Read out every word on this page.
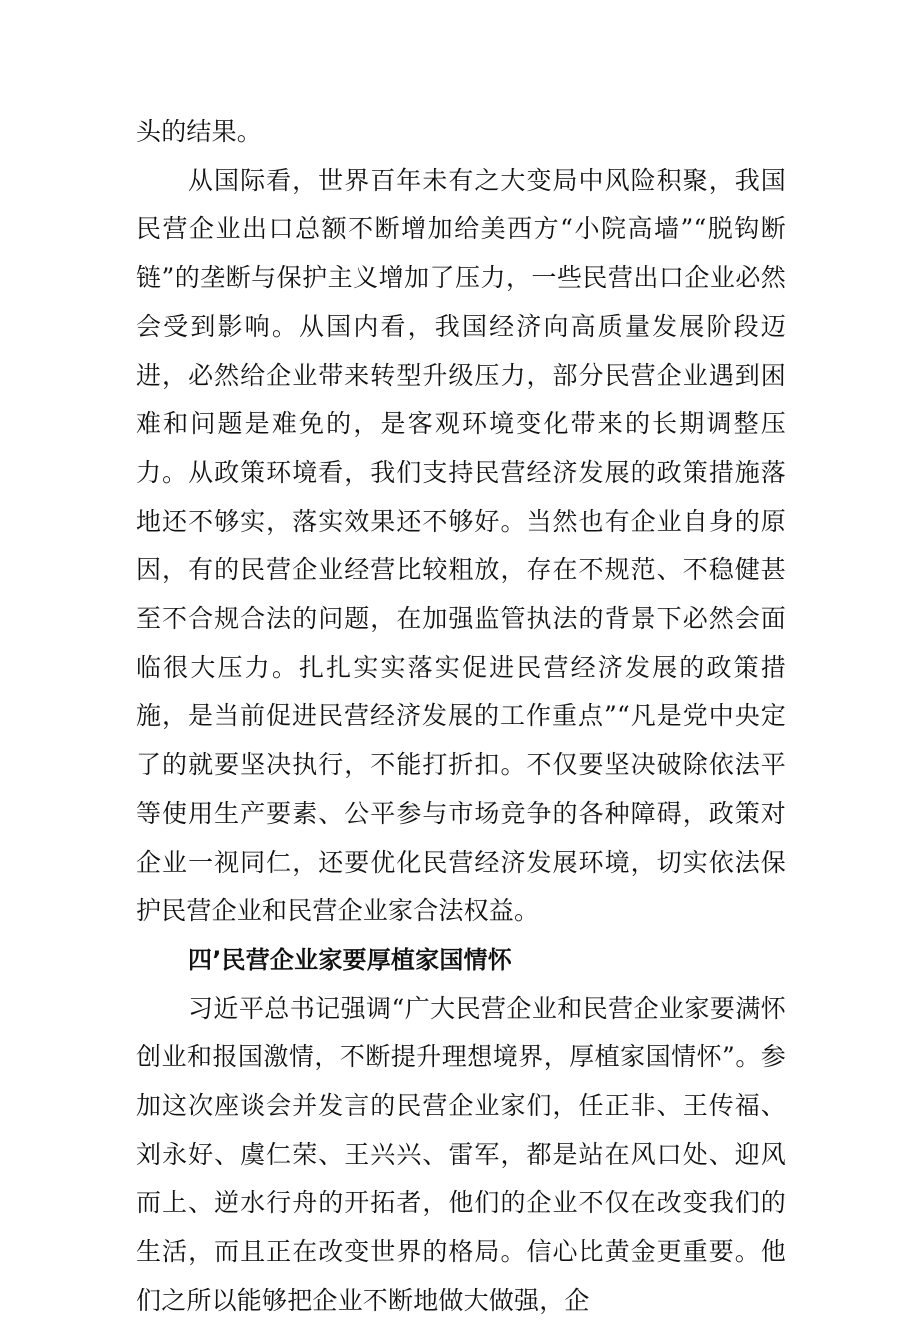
头的结果。

从国际看，世界百年未有之大变局中风险积聚，我国民营企业出口总额不断增加给美西方“小院高墙”“脱钩断链”的垄断与保护主义增加了压力，一些民营出口企业必然会受到影响。从国内看，我国经济向高质量发展阶段迈进，必然给企业带来转型升级压力，部分民营企业遇到困难和问题是难免的，是客观环境变化带来的长期调整压力。从政策环境看，我们支持民营经济发展的政策措施落地还不够实，落实效果还不够好。当然也有企业自身的原因，有的民营企业经营比较粗放，存在不规范、不稳健甚至不合规合法的问题，在加强监管执法的背景下必然会面临很大压力。扎扎实实落实促进民营经济发展的政策措施，是当前促进民营经济发展的工作重点”“凡是党中央定了的就要坚决执行，不能打折扣。不仅要坚决破除依法平等使用生产要素、公平参与市场竞争的各种障碍，政策对企业一视同仁，还要优化民营经济发展环境，切实依法保护民营企业和民营企业家合法权益。

四’民营企业家要厚植家国情怀

习近平总书记强调“广大民营企业和民营企业家要满怀创业和报国激情，不断提升理想境界，厚植家国情怀”。参加这次座谈会并发言的民营企业家们，任正非、王传福、刘永好、虞仁荣、王兴兴、雷军，都是站在风口处、迎风而上、逆水行舟的开拓者，他们的企业不仅在改变我们的生活，而且正在改变世界的格局。信心比黄金更重要。他们之所以能够把企业不断地做大做强，企
